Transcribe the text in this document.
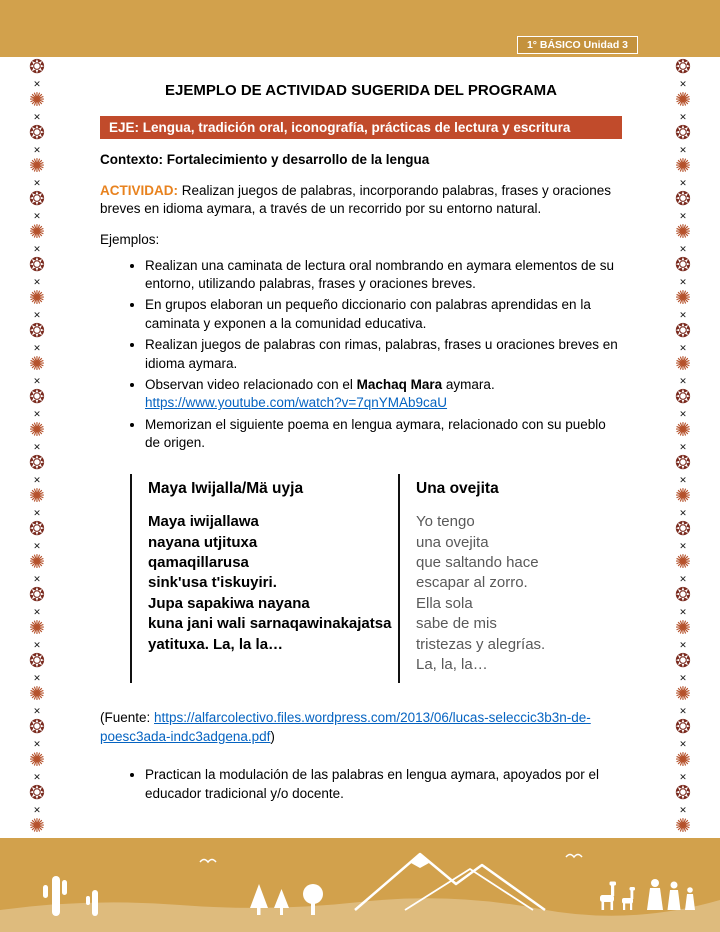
1° BÁSICO Unidad 3
❂
✕
✺
✕
❂
✕
✺
✕
❂
✕
✺
✕
❂
✕
✺
✕
❂
✕
✺
✕
❂
✕
✺
✕
❂
✕
✺
✕
❂
✕
✺
✕
❂
✕
✺
✕
❂
✕
✺
✕
❂
✕
✺
✕
❂
✕
✺
❂
✕
✺
✕
❂
✕
✺
✕
❂
✕
✺
✕
❂
✕
✺
✕
❂
✕
✺
✕
❂
✕
✺
✕
❂
✕
✺
✕
❂
✕
✺
✕
❂
✕
✺
✕
❂
✕
✺
✕
❂
✕
✺
✕
❂
✕
✺
EJEMPLO DE ACTIVIDAD SUGERIDA DEL PROGRAMA
EJE: Lengua, tradición oral, iconografía, prácticas de lectura y escritura
Contexto: Fortalecimiento y desarrollo de la lengua

ACTIVIDAD: Realizan juegos de palabras, incorporando palabras, frases y oraciones breves en idioma aymara, a través de un recorrido por su entorno natural.

Ejemplos:
• Realizan una caminata de lectura oral nombrando en aymara elementos de su entorno, utilizando palabras, frases y oraciones breves.
• En grupos elaboran un pequeño diccionario con palabras aprendidas en la caminata y exponen a la comunidad educativa.
• Realizan juegos de palabras con rimas, palabras, frases u oraciones breves en idioma aymara.
• Observan video relacionado con el Machaq Mara aymara.
https://www.youtube.com/watch?v=7qnYMAb9caU
• Memorizan el siguiente poema en lengua aymara, relacionado con su pueblo de origen.
Maya Iwijalla/Mä uyja
Maya iwijallawa
nayana utjituxa
qamaqillarusa
sink'usa t'iskuyiri.
Jupa sapakiwa nayana
kuna jani wali sarnaqawinakajatsa
yatituxa. La, la la…
Una ovejita
Yo tengo
una ovejita
que saltando hace
escapar al zorro.
Ella sola
sabe de mis
tristezas y alegrías.
La, la, la…

(Fuente: https://alfarcolectivo.files.wordpress.com/2013/06/lucas-seleccic3b3n-de-poesc3ada-indc3adgena.pdf)

• Practican la modulación de las palabras en lengua aymara, apoyados por el educador tradicional y/o docente.
